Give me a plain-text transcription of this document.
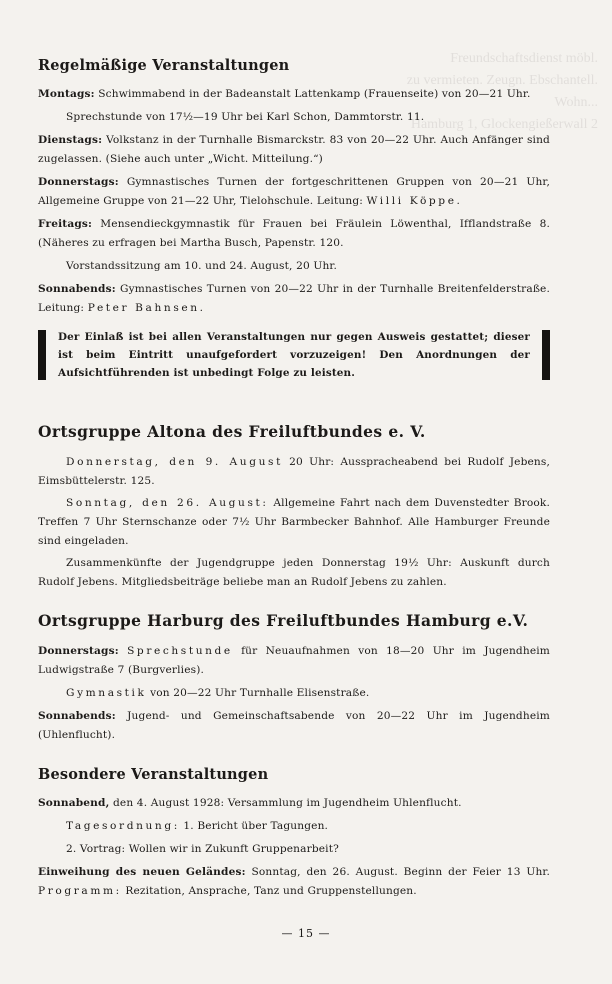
Freundschaftsdienst möbl.
zu vermieten. Zeugn. Ebschantell.
Wohn...
Hamburg 1, Glockengießerwall 2
Regelmäßige Veranstaltungen
Montags: Schwimmabend in der Badeanstalt Lattenkamp (Frauenseite) von 20—21 Uhr.
Sprechstunde von 17½—19 Uhr bei Karl Schon, Dammtorstr. 11.
Dienstags: Volkstanz in der Turnhalle Bismarckstr. 83 von 20—22 Uhr. Auch Anfänger sind zugelassen. (Siehe auch unter „Wicht. Mitteilung.“)
Donnerstags: Gymnastisches Turnen der fortgeschrittenen Gruppen von 20—21 Uhr, Allgemeine Gruppe von 21—22 Uhr, Tielohschule. Leitung: Willi Köppe.
Freitags: Mensendieckgymnastik für Frauen bei Fräulein Löwenthal, Ifflandstraße 8. (Näheres zu erfragen bei Martha Busch, Papenstr. 120.
Vorstandssitzung am 10. und 24. August, 20 Uhr.
Sonnabends: Gymnastisches Turnen von 20—22 Uhr in der Turnhalle Breitenfelderstraße. Leitung: Peter Bahnsen.
Der Einlaß ist bei allen Veranstaltungen nur gegen Ausweis gestattet; dieser ist beim Eintritt unaufgefordert vorzuzeigen! Den Anordnungen der Aufsichtführenden ist unbedingt Folge zu leisten.
Ortsgruppe Altona des Freiluftbundes e. V.
Donnerstag, den 9. August 20 Uhr: Aussprachеabend bei Rudolf Jebens, Eimsbüttelerstr. 125.
Sonntag, den 26. August: Allgemeine Fahrt nach dem Duvenstedter Brook. Treffen 7 Uhr Sternschanze oder 7½ Uhr Barmbecker Bahnhof. Alle Hamburger Freunde sind eingeladen.
Zusammenkünfte der Jugendgruppe jeden Donnerstag 19½ Uhr: Auskunft durch Rudolf Jebens. Mitgliedsbeiträge beliebe man an Rudolf Jebens zu zahlen.
Ortsgruppe Harburg des Freiluftbundes Hamburg e.V.
Donnerstags: Sprechstunde für Neuaufnahmen von 18—20 Uhr im Jugendheim Ludwigstraße 7 (Burgverlies).
Gymnastik von 20—22 Uhr Turnhalle Elisenstraße.
Sonnabends: Jugend- und Gemeinschaftsabende von 20—22 Uhr im Jugendheim (Uhlenflucht).
Besondere Veranstaltungen
Sonnabend, den 4. August 1928: Versammlung im Jugendheim Uhlenflucht.
Tagesordnung: 1. Bericht über Tagungen.
2. Vortrag: Wollen wir in Zukunft Gruppenarbeit?
Einweihung des neuen Geländes: Sonntag, den 26. August. Beginn der Feier 13 Uhr. Programm: Rezitation, Ansprache, Tanz und Gruppenstellungen.
— 15 —
